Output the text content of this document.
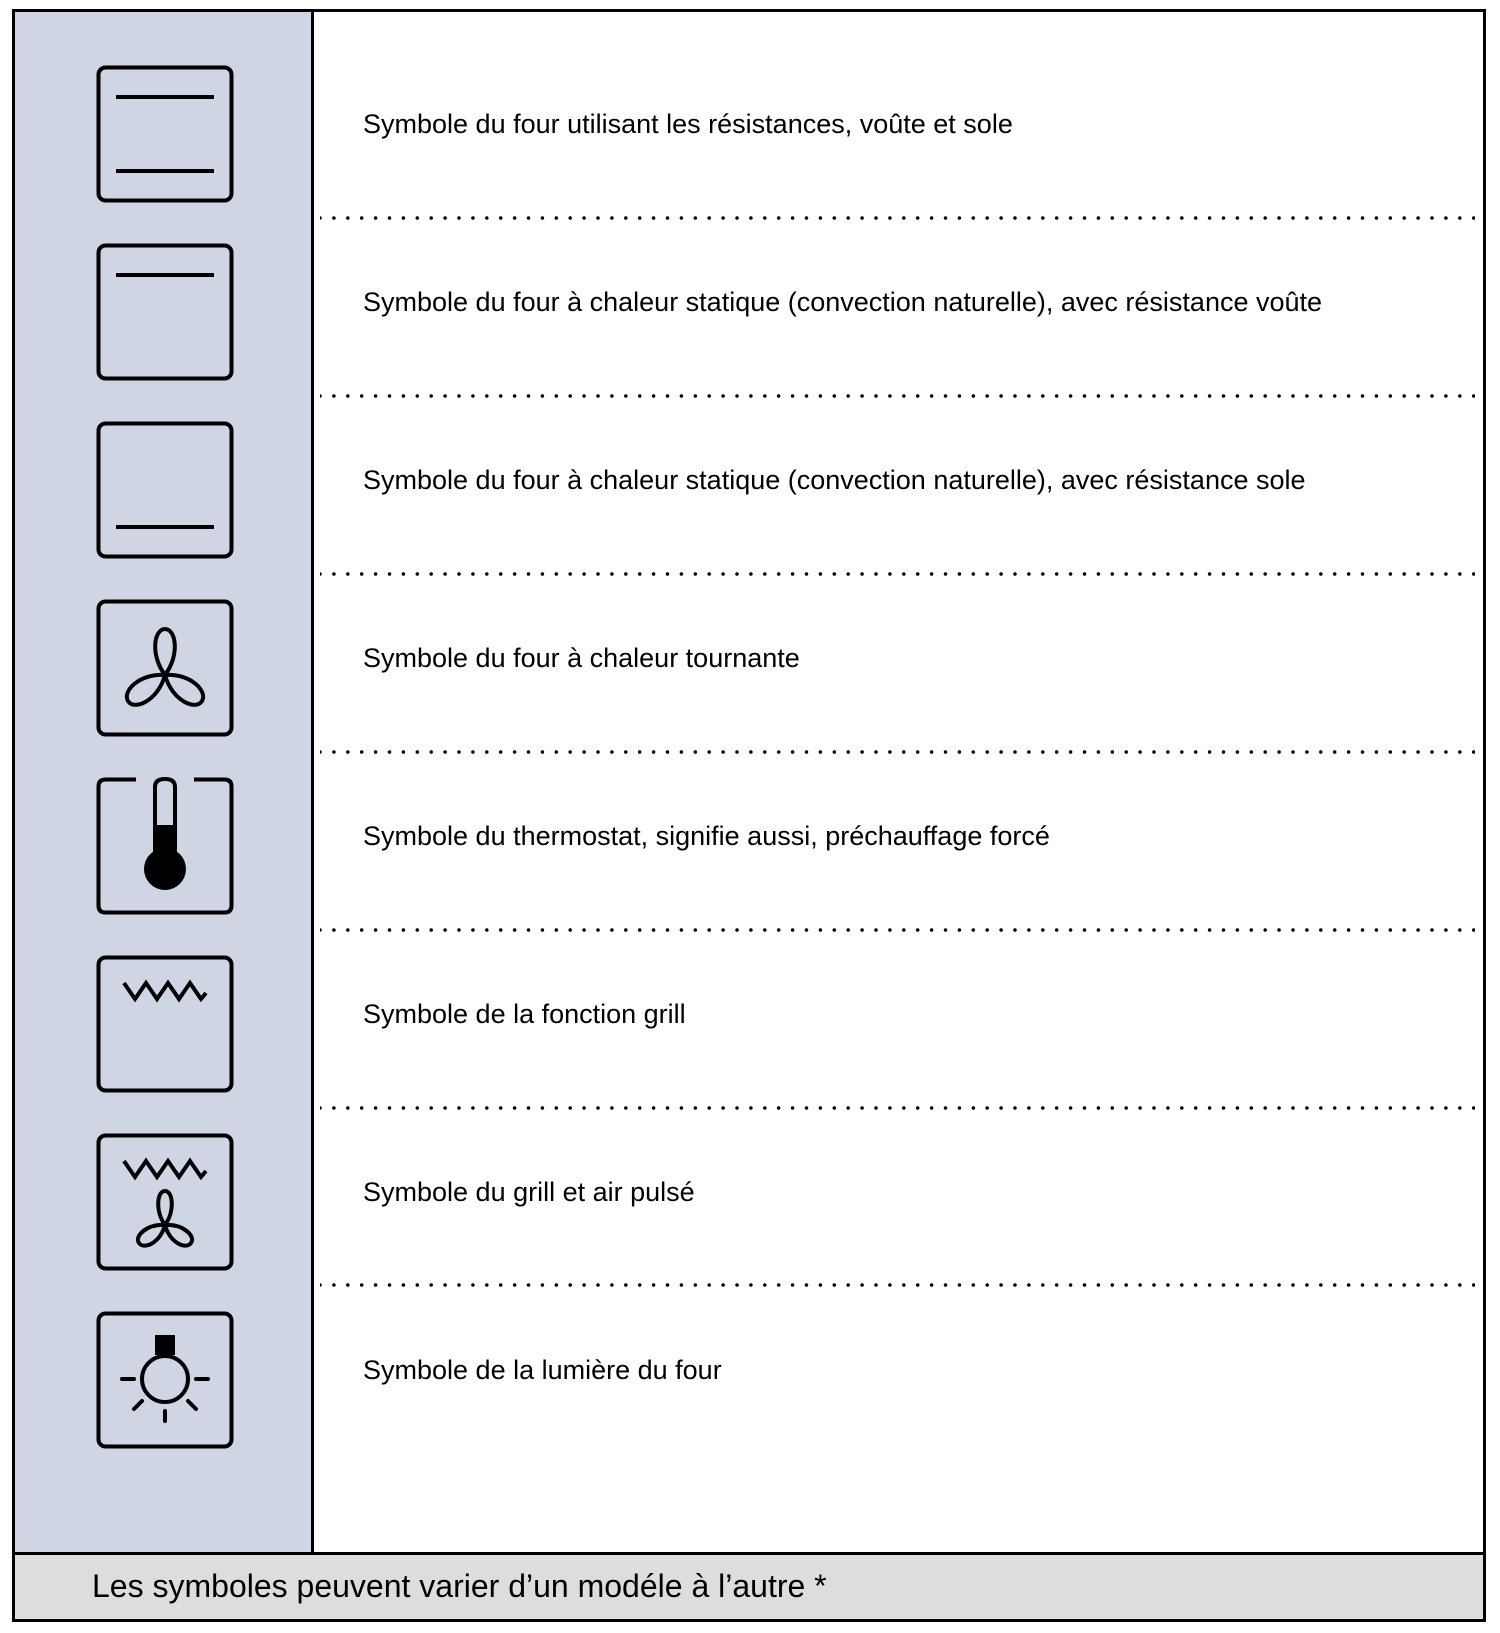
Symbole du four utilisant les résistances, voûte et sole
Symbole du four à chaleur statique (convection naturelle), avec résistance voûte
Symbole du four à chaleur statique (convection naturelle), avec résistance sole
Symbole du four à chaleur tournante
Symbole du thermostat, signifie aussi, préchauffage forcé
Symbole de la fonction grill
Symbole du grill et air pulsé
Symbole de la lumière du four
Les symboles peuvent varier d’un modéle à l’autre *
